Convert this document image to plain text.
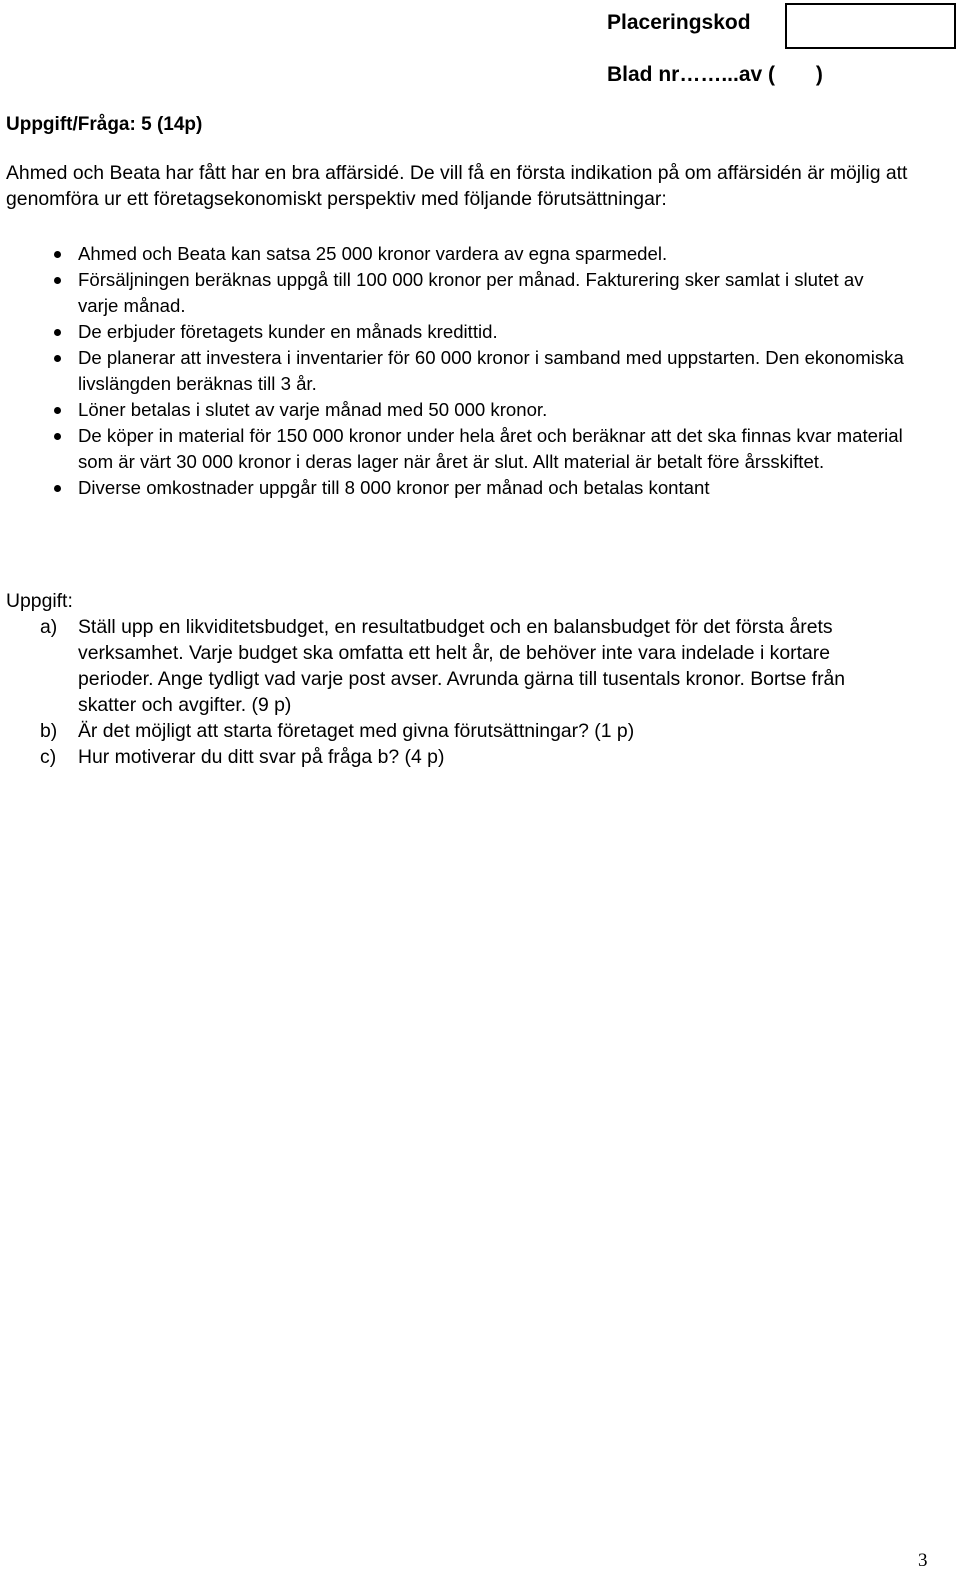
Placeringskod
Blad nr……...av (       )
Uppgift/Fråga: 5 (14p)
Ahmed och Beata har fått har en bra affärsidé. De vill få en första indikation på om affärsidén är möjlig att genomföra ur ett företagsekonomiskt perspektiv med följande förutsättningar:
Ahmed och Beata kan satsa 25 000 kronor vardera av egna sparmedel.
Försäljningen beräknas uppgå till 100 000 kronor per månad. Fakturering sker samlat i slutet av varje månad.
De erbjuder företagets kunder en månads kredittid.
De planerar att investera i inventarier för 60 000 kronor i samband med uppstarten. Den ekonomiska livslängden beräknas till 3 år.
Löner betalas i slutet av varje månad med 50 000 kronor.
De köper in material för 150 000 kronor under hela året och beräknar att det ska finnas kvar material som är värt 30 000 kronor i deras lager när året är slut. Allt material är betalt före årsskiftet.
Diverse omkostnader uppgår till 8 000 kronor per månad och betalas kontant
Uppgift:
a) Ställ upp en likviditetsbudget, en resultatbudget och en balansbudget för det första årets verksamhet. Varje budget ska omfatta ett helt år, de behöver inte vara indelade i kortare perioder. Ange tydligt vad varje post avser. Avrunda gärna till tusentals kronor. Bortse från skatter och avgifter. (9 p)
b) Är det möjligt att starta företaget med givna förutsättningar? (1 p)
c) Hur motiverar du ditt svar på fråga b? (4 p)
3
